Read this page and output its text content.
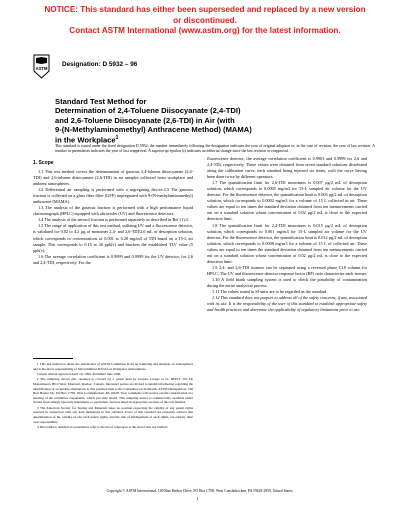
NOTICE: This standard has either been superseded and replaced by a new version or discontinued.
Contact ASTM International (www.astm.org) for the latest information.
ASTM
Designation: D 5932 – 96
Standard Test Method for
Determination of 2,4-Toluene Diisocyanate (2,4-TDI)
and 2,6-Toluene Diisocyanate (2,6-TDI) in Air (with
9-(N-Methylaminomethyl) Anthracene Method) (MAMA)
in the Workplace$^1$
This standard is issued under the fixed designation D 5932; the number immediately following the designation indicates the year of original adoption or, in the case of revision, the year of last revision. A number in parentheses indicates the year of last reapproval. A superscript epsilon (ε) indicates an editorial change since the last revision or reapproval.
1. Scope

1.1 This test method covers the determination of gaseous 2,4-toluene diisocyanate (2,4-TDI) and 2,6-toluene diisocyanate (2,6-TDI) in air samples collected from workplace and ambient atmospheres.

1.2 Differential air sampling is performed with a segregating device.2,3 The gaseous fraction is collected on a glass fiber filter (GFF) impregnated with 9-(N-methylaminomethyl) anthracene (MAMA).

1.3 The analysis of the gaseous fraction is performed with a high performance liquid chromatograph (HPLC) equipped with ultraviolet (UV) and fluorescence detectors.

1.4 The analysis of the aerosol fraction is performed separately as described in Ref (1).4

1.5 The range of application of this test method, utilizing UV and a fluorescence detector, is validated for 0.02 to 4.2 µg of monomer 2,4- and 2,6-TDI/2.0 mL of desorption solution, which corresponds to concentrations of 0.001 to 0.28 mg/m3 of TDI based on a 15-L air sample. This corresponds to 0.15 to 40 ppb(v) and brackets the established TLV value (5 ppb(v).

1.6 The average correlation coefficient is 0.9999 and 0.9999 for the UV detector, for 2,6 and 2,4-TDI, respectively. For the

1 This test method is under the jurisdiction of ASTM Committee D-22 on Sampling and Analysis of Atmospheres and is the direct responsibility of Subcommittee D22.04 on Workplace Atmospheres.

Current edition approved April 10, 1996. Published June 1996.

2 The sampling device (the cassette) is covered by a patent held by Jacques Lesage et al., IRSST, 505 De Maisonneuve Blvd West, Montreal, Quebec, Canada. Interested parties are invited to submit information regarding the identification of acceptable alternatives to this patented item to the Committee on Standards, ASTM Headquarters, 100 Barr Harbor Dr., PO Box C700, West Conshohocken, PA 19428. Your comments will receive careful consideration at a meeting of the committee responsible, which you may attend. This sampling device is commercially available under license from Omega Specialty Instrument, or equivalent. Sources listed in appropriate sections of this test method.

3 The American Society for Testing and Materials takes no position respecting the validity of any patent rights asserted in connection with any item mentioned in this standard. Users of this standard are expressly advised that determination of the validity of any such patent rights, and the risk of infringement of such rights, are entirely their own responsibility.

4 The boldface numbers in parentheses refer to the list of references at the end of this test method.

fluorescence detector, the average correlation coefficient is 0.9903 and 0.9999 for 2,6 and 2,4-TDI, respectively. These values were obtained from seven standard solutions distributed along the calibration curve, each standard being injected six times, with the curve having been done twice by different operators.

1.7 The quantification limit for 2,6-TDI monomers is 0.007 µg/2 mL of desorption solution, which corresponds to 0.0005 mg/m3 for 15-L sampled air volume for the UV detector. For the fluorescence detector, the quantification limit is 0.003 µg/2 mL of desorption solution, which corresponds to 0.0002 mg/m3 for a volume of 15 L collected in air. These values are equal to ten times the standard deviation obtained from ten measurements carried out on a standard solution whose concentration of 0.02 µg/2 mL is close to the expected detection limit.

1.8 The quantification limit for 2,4-TDI monomers is 0.015 µg/2 mL of desorption solution, which corresponds to 0.001 mg/m3 for 15-L sampled air volume for the UV detector. For the fluorescence detector, the quantification limit is 0.012 µg/2 mL of desorption solution, which corresponds to 0.0008 mg/m3 for a volume of 15 L of collected air. These values are equal to ten times the standard deviation obtained from ten measurements carried out on a standard solution whose concentration of 0.02 µg/2 mL is close to the expected detection limit.

1.9 2,4- and 2,6-TDI isomers can be separated using a reversed phase C18 column for HPLC. The UV and fluorescence detector response factor (RF) ratio characterize each isomer.

1.10 A field blank sampling system is used to check the possibility of contamination during the entire analytical process.

1.11 The values stated in SI units are to be regarded as the standard.

1.12 This standard does not purport to address all of the safety concerns, if any, associated with its use. It is the responsibility of the user of this standard to establish appropriate safety and health practices and determine the applicability of regulatory limitations prior to use.

Copyright © ASTM International, 100 Barr Harbor Drive, PO Box C700, West Conshohocken, PA 19428-2959, United States.
1
